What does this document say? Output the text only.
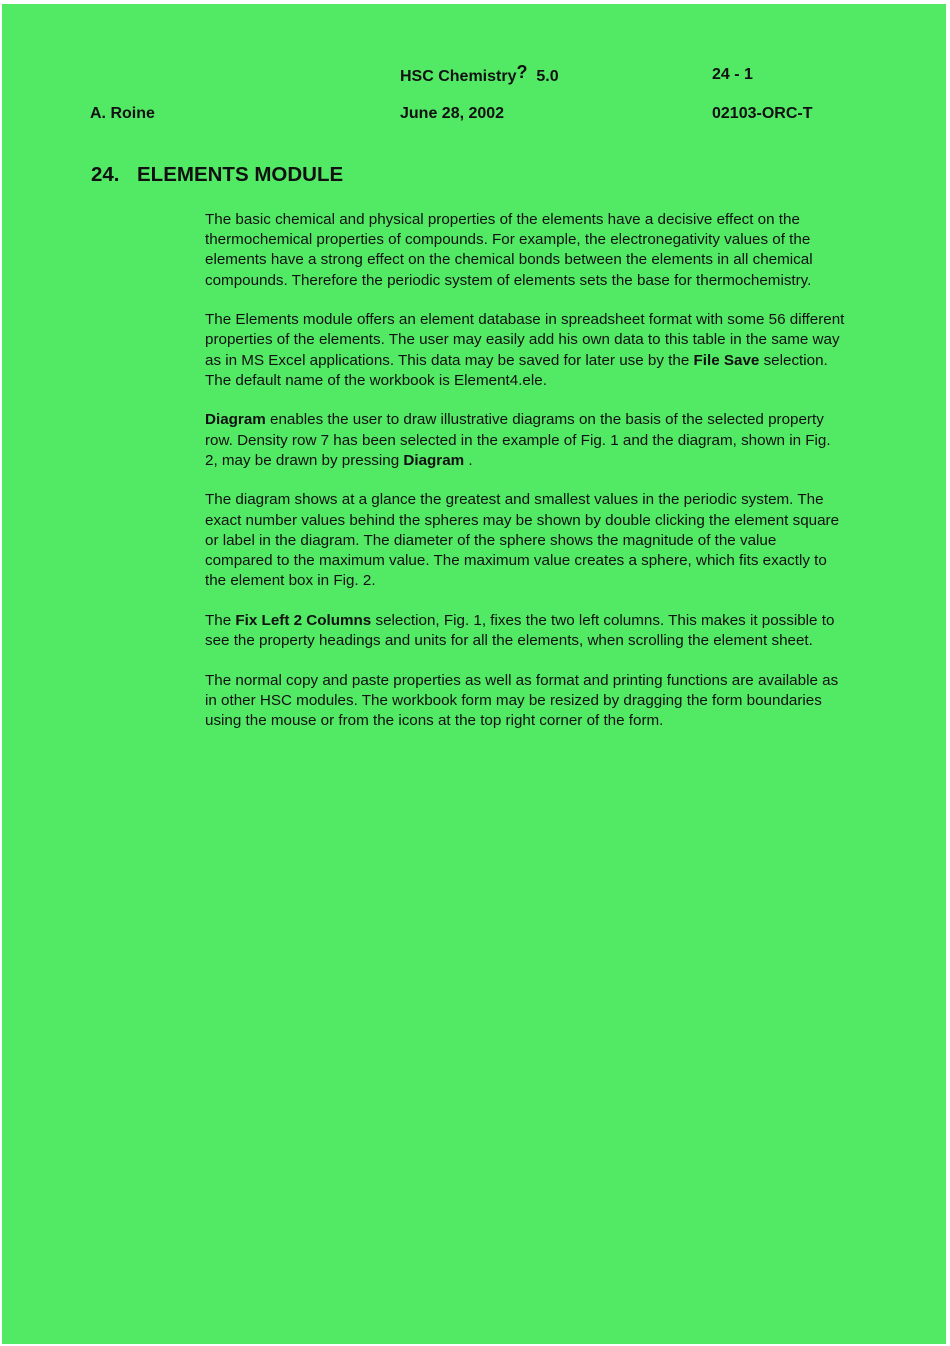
HSC Chemistry? 5.0	24 - 1
A. Roine	June 28, 2002	02103-ORC-T
24. ELEMENTS MODULE

The basic chemical and physical properties of the elements have a decisive effect on the thermochemical properties of compounds. For example, the electronegativity values of the elements have a strong effect on the chemical bonds between the elements in all chemical compounds. Therefore the periodic system of elements sets the base for thermochemistry.

The Elements module offers an element database in spreadsheet format with some 56 different properties of the elements. The user may easily add his own data to this table in the same way as in MS Excel applications. This data may be saved for later use by the File Save selection. The default name of the workbook is Element4.ele.

Diagram enables the user to draw illustrative diagrams on the basis of the selected property row. Density row 7 has been selected in the example of Fig. 1 and the diagram, shown in Fig. 2, may be drawn by pressing Diagram .

The diagram shows at a glance the greatest and smallest values in the periodic system. The exact number values behind the spheres may be shown by double clicking the element square or label in the diagram. The diameter of the sphere shows the magnitude of the value compared to the maximum value. The maximum value creates a sphere, which fits exactly to the element box in Fig. 2.

The Fix Left 2 Columns selection, Fig. 1, fixes the two left columns. This makes it possible to see the property headings and units for all the elements, when scrolling the element sheet.

The normal copy and paste properties as well as format and printing functions are available as in other HSC modules. The workbook form may be resized by dragging the form boundaries using the mouse or from the icons at the top right corner of the form.
